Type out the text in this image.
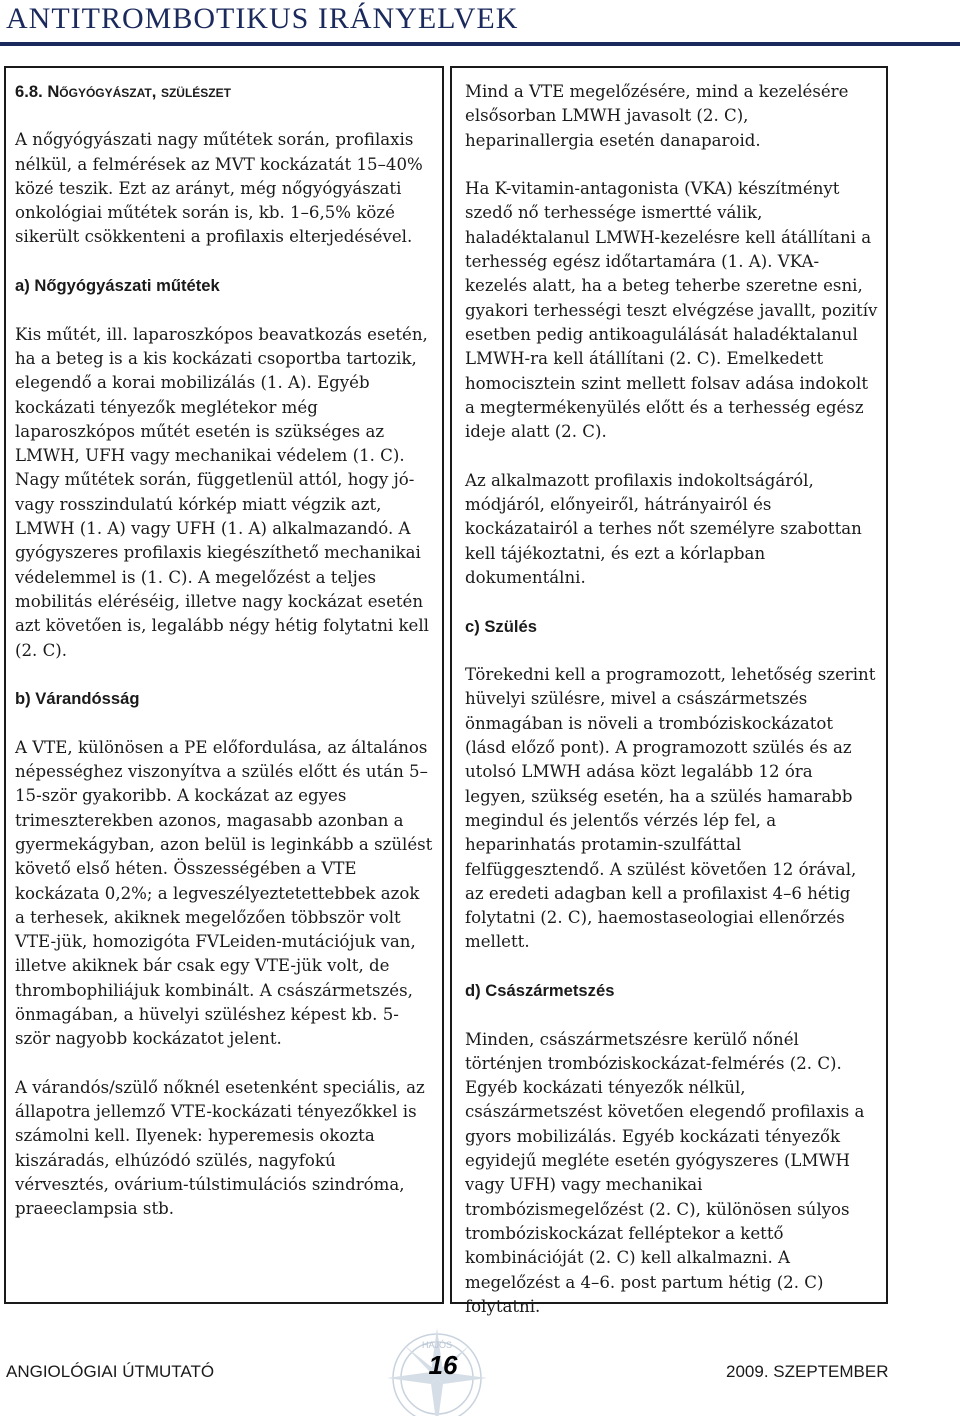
ANTITROMBOTIKUS IRÁNYELVEK

6.8. Nőgyógyászat, szülészet

A nőgyógyászati nagy műtétek során, profilaxis nélkül, a felmérések az MVT kockázatát 15–40% közé teszik. Ezt az arányt, még nőgyógyászati onkológiai műtétek során is, kb. 1–6,5% közé sikerült csökkenteni a profilaxis elterjedésével.

a) Nőgyógyászati műtétek

Kis műtét, ill. laparoszkópos beavatkozás esetén, ha a beteg is a kis kockázati csoportba tartozik, elegendő a korai mobilizálás (1. A). Egyéb kockázati tényezők meglétekor még laparoszkópos műtét esetén is szükséges az LMWH, UFH vagy mechanikai védelem (1. C). Nagy műtétek során, függetlenül attól, hogy jó- vagy rosszindulatú kórkép miatt végzik azt, LMWH (1. A) vagy UFH (1. A) alkalmazandó. A gyógyszeres profilaxis kiegészíthető mechanikai védelemmel is (1. C). A megelőzést a teljes mobilitás eléréséig, illetve nagy kockázat esetén azt követően is, legalább négy hétig folytatni kell (2. C).

b) Várandósság

A VTE, különösen a PE előfordulása, az általános népességhez viszonyítva a szülés előtt és után 5–15-ször gyakoribb. A kockázat az egyes trimeszterekben azonos, magasabb azonban a gyermekágyban, azon belül is leginkább a szülést követő első héten. Összességében a VTE kockázata 0,2%; a legveszélyeztetettebbek azok a terhesek, akiknek megelőzően többször volt VTE-jük, homozigóta FVLeiden-mutációjuk van, illetve akiknek bár csak egy VTE-jük volt, de thrombophiliájuk kombinált. A császármetszés, önmagában, a hüvelyi szüléshez képest kb. 5-ször nagyobb kockázatot jelent.

A várandós/szülő nőknél esetenként speciális, az állapotra jellemző VTE-kockázati tényezőkkel is számolni kell. Ilyenek: hyperemesis okozta kiszáradás, elhúzódó szülés, nagyfokú vérvesztés, ovárium-túlstimulációs szindróma, praeeclampsia stb.

Mind a VTE megelőzésére, mind a kezelésére elsősorban LMWH javasolt (2. C), heparinallergia esetén danaparoid.

Ha K-vitamin-antagonista (VKA) készítményt szedő nő terhessége ismertté válik, haladéktalanul LMWH-kezelésre kell átállítani a terhesség egész időtartamára (1. A). VKA-kezelés alatt, ha a beteg teherbe szeretne esni, gyakori terhességi teszt elvégzése javallt, pozitív esetben pedig antikoagulálását haladéktalanul LMWH-ra kell átállítani (2. C). Emelkedett homocisztein szint mellett folsav adása indokolt a megtermékenyülés előtt és a terhesség egész ideje alatt (2. C).

Az alkalmazott profilaxis indokoltságáról, módjáról, előnyeiről, hátrányairól és kockázatairól a terhes nőt személyre szabottan kell tájékoztatni, és ezt a kórlapban dokumentálni.

c) Szülés

Törekedni kell a programozott, lehetőség szerint hüvelyi szülésre, mivel a császármetszés önmagában is növeli a trombóziskockázatot (lásd előző pont). A programozott szülés és az utolsó LMWH adása közt legalább 12 óra legyen, szükség esetén, ha a szülés hamarabb megindul és jelentős vérzés lép fel, a heparinhatás protamin-szulfáttal felfüggesztendő. A szülést követően 12 órával, az eredeti adagban kell a profilaxist 4–6 hétig folytatni (2. C), haemostaseologiai ellenőrzés mellett.

d) Császármetszés

Minden, császármetszésre kerülő nőnél történjen trombóziskockázat-felmérés (2. C). Egyéb kockázati tényezők nélkül, császármetszést követően elegendő profilaxis a gyors mobilizálás. Egyéb kockázati tényezők egyidejű megléte esetén gyógyszeres (LMWH vagy UFH) vagy mechanikai trombózismegelőzést (2. C), különösen súlyos trombóziskockázat felléptekor a kettő kombinációját (2. C) kell alkalmazni. A megelőzést a 4–6. post partum hétig (2. C) folytatni.

HAJÓS
ANGIOLÓGIAI ÚTMUTATÓ	16	2009. SZEPTEMBER
